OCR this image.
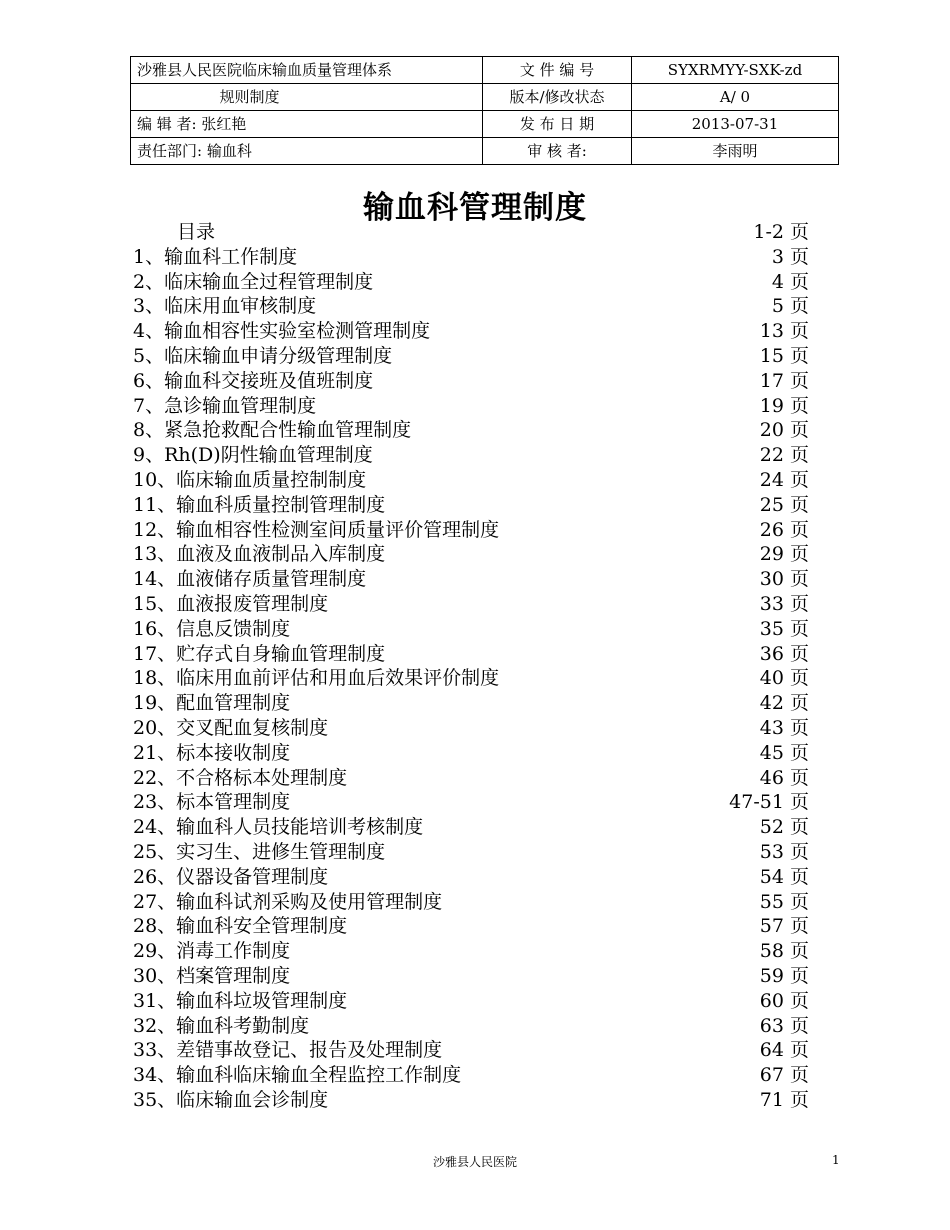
沙雅县人民医院临床输血质量管理体系	文 件 编 号	SYXRMYY-SXK-zd
规则制度	版本/修改状态	A/ 0
编 辑 者: 张红艳	发 布 日 期	2013-07-31
责任部门: 输血科	审 核 者:	李雨明
输血科管理制度
　　 目录	1-2 页
1、输血科工作制度	3 页
2、临床输血全过程管理制度	4 页
3、临床用血审核制度	5 页
4、输血相容性实验室检测管理制度	13 页
5、临床输血申请分级管理制度	15 页
6、输血科交接班及值班制度	17 页
7、急诊输血管理制度	19 页
8、紧急抢救配合性输血管理制度	20 页
9、Rh(D)阴性输血管理制度	22 页
10、临床输血质量控制制度	24 页
11、输血科质量控制管理制度	25 页
12、输血相容性检测室间质量评价管理制度	26 页
13、血液及血液制品入库制度	29 页
14、血液储存质量管理制度	30 页
15、血液报废管理制度	33 页
16、信息反馈制度	35 页
17、贮存式自身输血管理制度	36 页
18、临床用血前评估和用血后效果评价制度	40 页
19、配血管理制度	42 页
20、交叉配血复核制度	43 页
21、标本接收制度	45 页
22、不合格标本处理制度	46 页
23、标本管理制度	47-51 页
24、输血科人员技能培训考核制度	52 页
25、实习生、进修生管理制度	53 页
26、仪器设备管理制度	54 页
27、输血科试剂采购及使用管理制度	55 页
28、输血科安全管理制度	57 页
29、消毒工作制度	58 页
30、档案管理制度	59 页
31、输血科垃圾管理制度	60 页
32、输血科考勤制度	63 页
33、差错事故登记、报告及处理制度	64 页
34、输血科临床输血全程监控工作制度	67 页
35、临床输血会诊制度	71 页
沙雅县人民医院	1
